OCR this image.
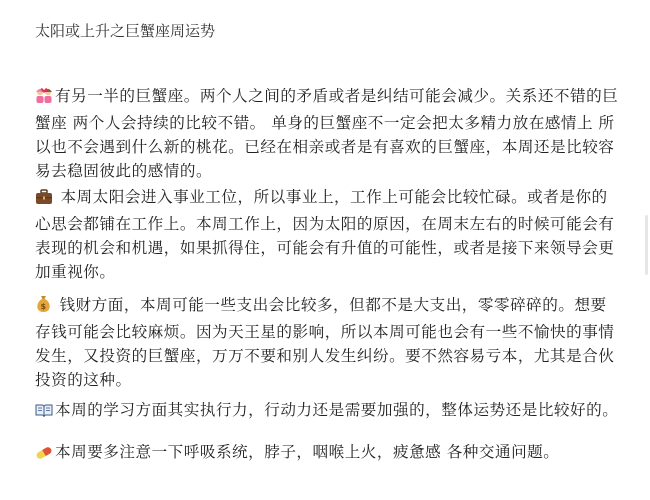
太阳或上升之巨蟹座周运势
有另一半的巨蟹座。两个人之间的矛盾或者是纠结可能会减少。关系还不错的巨蟹座 两个人会持续的比较不错。 单身的巨蟹座不一定会把太多精力放在感情上 所以也不会遇到什么新的桃花。已经在相亲或者是有喜欢的巨蟹座，本周还是比较容易去稳固彼此的感情的。
本周太阳会进入事业工位，所以事业上，工作上可能会比较忙碌。或者是你的心思会都铺在工作上。本周工作上，因为太阳的原因，在周末左右的时候可能会有表现的机会和机遇，如果抓得住，可能会有升值的可能性，或者是接下来领导会更加重视你。
$ 钱财方面，本周可能一些支出会比较多，但都不是大支出，零零碎碎的。想要存钱可能会比较麻烦。因为天王星的影响，所以本周可能也会有一些不愉快的事情发生，又投资的巨蟹座，万万不要和别人发生纠纷。要不然容易亏本，尤其是合伙投资的这种。
本周的学习方面其实执行力，行动力还是需要加强的，整体运势还是比较好的。
本周要多注意一下呼吸系统，脖子，咽喉上火，疲惫感 各种交通问题。
